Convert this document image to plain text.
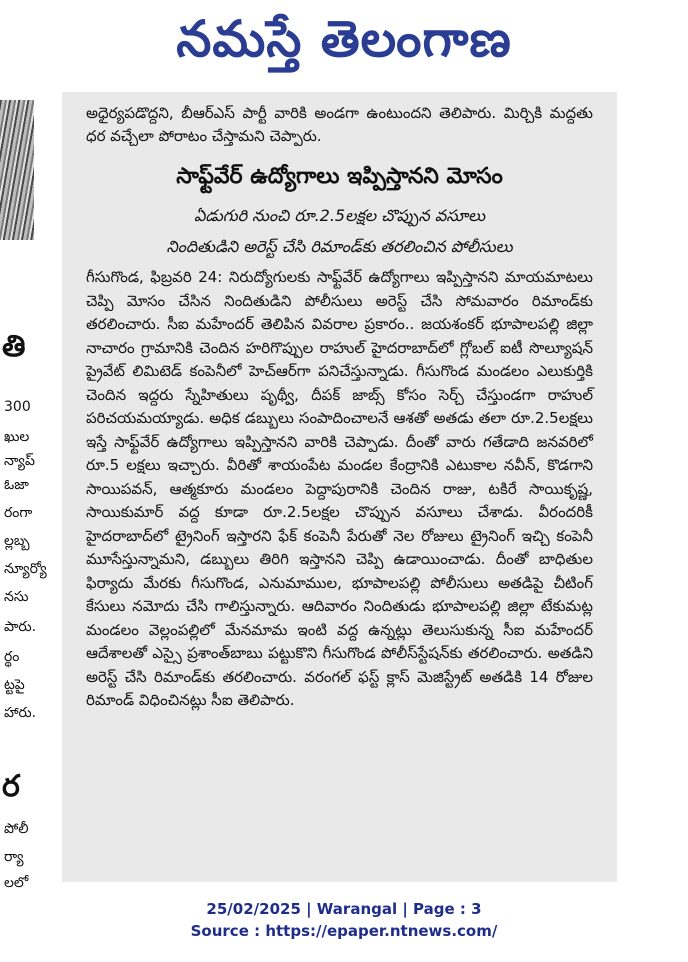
నమస్తే తెలంగాణ
తి
300
ఖుల
న్యాప్
ఓజా
రంగా
ల్లబ్బ
న్యూర్యో
నసు
పారు.
ర్థం
ట్టపై
హారు.
ర
పోలీ
ర్యా
లలో
అధైర్యపడొద్దని, బీఆర్ఎస్ పార్టీ వారికి అండగా ఉంటుందని తెలిపారు. మిర్చికి మద్దతు ధర వచ్చేలా పోరాటం చేస్తామని చెప్పారు.
సాఫ్ట్‌వేర్ ఉద్యోగాలు ఇప్పిస్తానని మోసం
ఏడుగురి నుంచి రూ.2.5లక్షల చొప్పున వసూలు
నిందితుడిని అరెస్ట్ చేసి రిమాండ్‌కు తరలించిన పోలీసులు
గీసుగొండ, ఫిబ్రవరి 24: నిరుద్యోగులకు సాఫ్ట్‌వేర్ ఉద్యోగాలు ఇప్పిస్తానని మాయమాటలు చెప్పి మోసం చేసిన నిందితుడిని పోలీసులు అరెస్ట్ చేసి సోమవారం రిమాండ్‌కు తరలించారు. సీఐ మహేందర్ తెలిపిన వివరాల ప్రకారం.. జయశంకర్ భూపాలపల్లి జిల్లా నాచారం గ్రామానికి చెందిన హరిగొప్పుల రాహుల్ హైదరాబాద్‌లో గ్లోబల్ ఐటీ సొల్యూషన్ ప్రైవేట్ లిమిటెడ్ కంపెనీలో హెచ్ఆర్‌గా పనిచేస్తున్నాడు. గీసుగొండ మండలం ఎలుకుర్తికి చెందిన ఇద్దరు స్నేహితులు పృథ్వీ, దీపక్ జాబ్స్ కోసం సెర్చ్ చేస్తుండగా రాహుల్ పరిచయమయ్యాడు. అధిక డబ్బులు సంపాదించాలనే ఆశతో అతడు తలా రూ.2.5లక్షలు ఇస్తే సాఫ్ట్‌వేర్ ఉద్యోగాలు ఇప్పిస్తానని వారికి చెప్పాడు. దీంతో వారు గతేడాది జనవరిలో రూ.5 లక్షలు ఇచ్చారు. వీరితో శాయంపేట మండల కేంద్రానికి ఎటుకాల నవీన్, కొడగాని సాయిపవన్, ఆత్మకూరు మండలం పెద్దాపురానికి చెందిన రాజు, టకిరే సాయికృష్ణ, సాయికుమార్ వద్ద కూడా రూ.2.5లక్షల చొప్పున వసూలు చేశాడు. వీరందరికీ హైదరాబాద్‌లో ట్రైనింగ్ ఇస్తారని ఫేక్ కంపెనీ పేరుతో నెల రోజులు ట్రైనింగ్ ఇచ్చి కంపెనీ మూసేస్తున్నామని, డబ్బులు తిరిగి ఇస్తానని చెప్పి ఉడాయించాడు. దీంతో బాధితుల ఫిర్యాదు మేరకు గీసుగొండ, ఎనుమాముల, భూపాలపల్లి పోలీసులు అతడిపై చీటింగ్ కేసులు నమోదు చేసి గాలిస్తున్నారు. ఆదివారం నిందితుడు భూపాలపల్లి జిల్లా టేకుమట్ల మండలం వెల్లంపల్లిలో మేనమామ ఇంటి వద్ద ఉన్నట్లు తెలుసుకున్న సీఐ మహేందర్ ఆదేశాలతో ఎస్సై ప్రశాంత్‌బాబు పట్టుకొని గీసుగొండ పోలీస్‌స్టేషన్‌కు తరలించారు. అతడిని అరెస్ట్ చేసి రిమాండ్‌కు తరలించారు. వరంగల్ ఫస్ట్ క్లాస్ మెజిస్ట్రేట్ అతడికి 14 రోజుల రిమాండ్ విధించినట్లు సీఐ తెలిపారు.
25/02/2025 | Warangal | Page : 3
Source : https://epaper.ntnews.com/
